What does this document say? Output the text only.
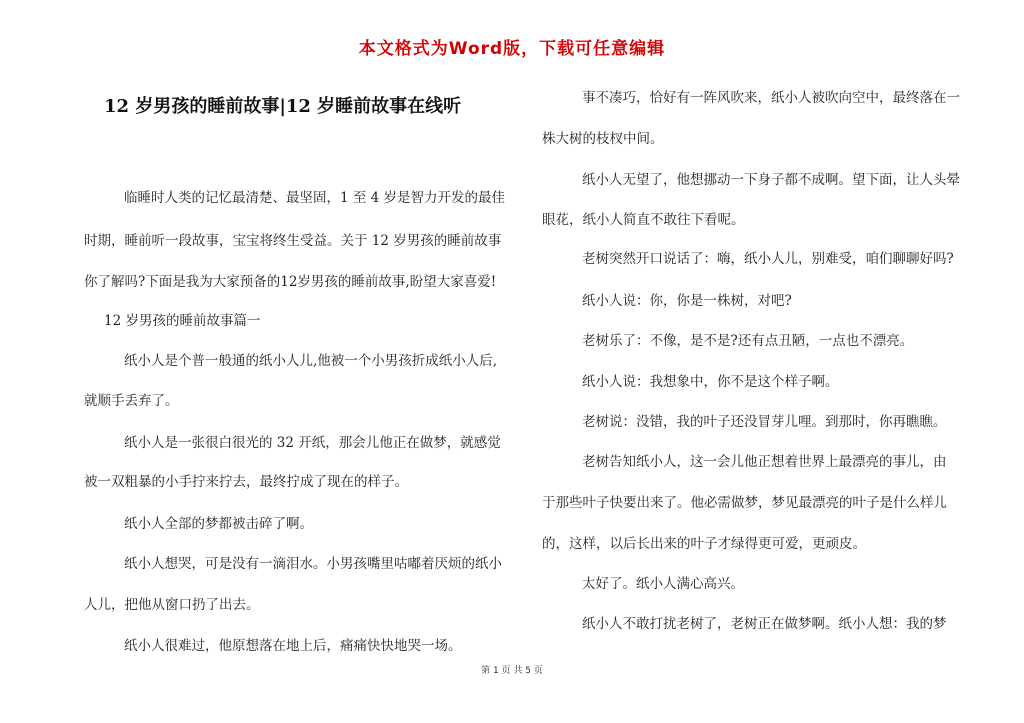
本文格式为Word版，下载可任意编辑
12 岁男孩的睡前故事|12 岁睡前故事在线听

临睡时人类的记忆最清楚、最坚固，1 至 4 岁是智力开发的最佳

时期，睡前听一段故事，宝宝将终生受益。关于 12 岁男孩的睡前故事

你了解吗?下面是我为大家预备的12岁男孩的睡前故事,盼望大家喜爱!

12 岁男孩的睡前故事篇一

纸小人是个普一般通的纸小人儿,他被一个小男孩折成纸小人后,

就顺手丢弃了。

纸小人是一张很白很光的 32 开纸，那会儿他正在做梦，就感觉

被一双粗暴的小手拧来拧去，最终拧成了现在的样子。

纸小人全部的梦都被击碎了啊。

纸小人想哭，可是没有一滴泪水。小男孩嘴里咕嘟着厌烦的纸小

人儿，把他从窗口扔了出去。

纸小人很难过，他原想落在地上后，痛痛快快地哭一场。

事不凑巧，恰好有一阵风吹来，纸小人被吹向空中，最终落在一

株大树的枝杈中间。

纸小人无望了，他想挪动一下身子都不成啊。望下面，让人头晕

眼花，纸小人简直不敢往下看呢。

老树突然开口说话了：嗨，纸小人儿，别难受，咱们聊聊好吗?

纸小人说：你，你是一株树，对吧?

老树乐了：不像，是不是?还有点丑陋，一点也不漂亮。

纸小人说：我想象中，你不是这个样子啊。

老树说：没错，我的叶子还没冒芽儿哩。到那时，你再瞧瞧。

老树告知纸小人，这一会儿他正想着世界上最漂亮的事儿，由

于那些叶子快要出来了。他必需做梦，梦见最漂亮的叶子是什么样儿

的，这样，以后长出来的叶子才绿得更可爱，更顽皮。

太好了。纸小人满心高兴。

纸小人不敢打扰老树了，老树正在做梦啊。纸小人想：我的梦

第 1 页 共 5 页
